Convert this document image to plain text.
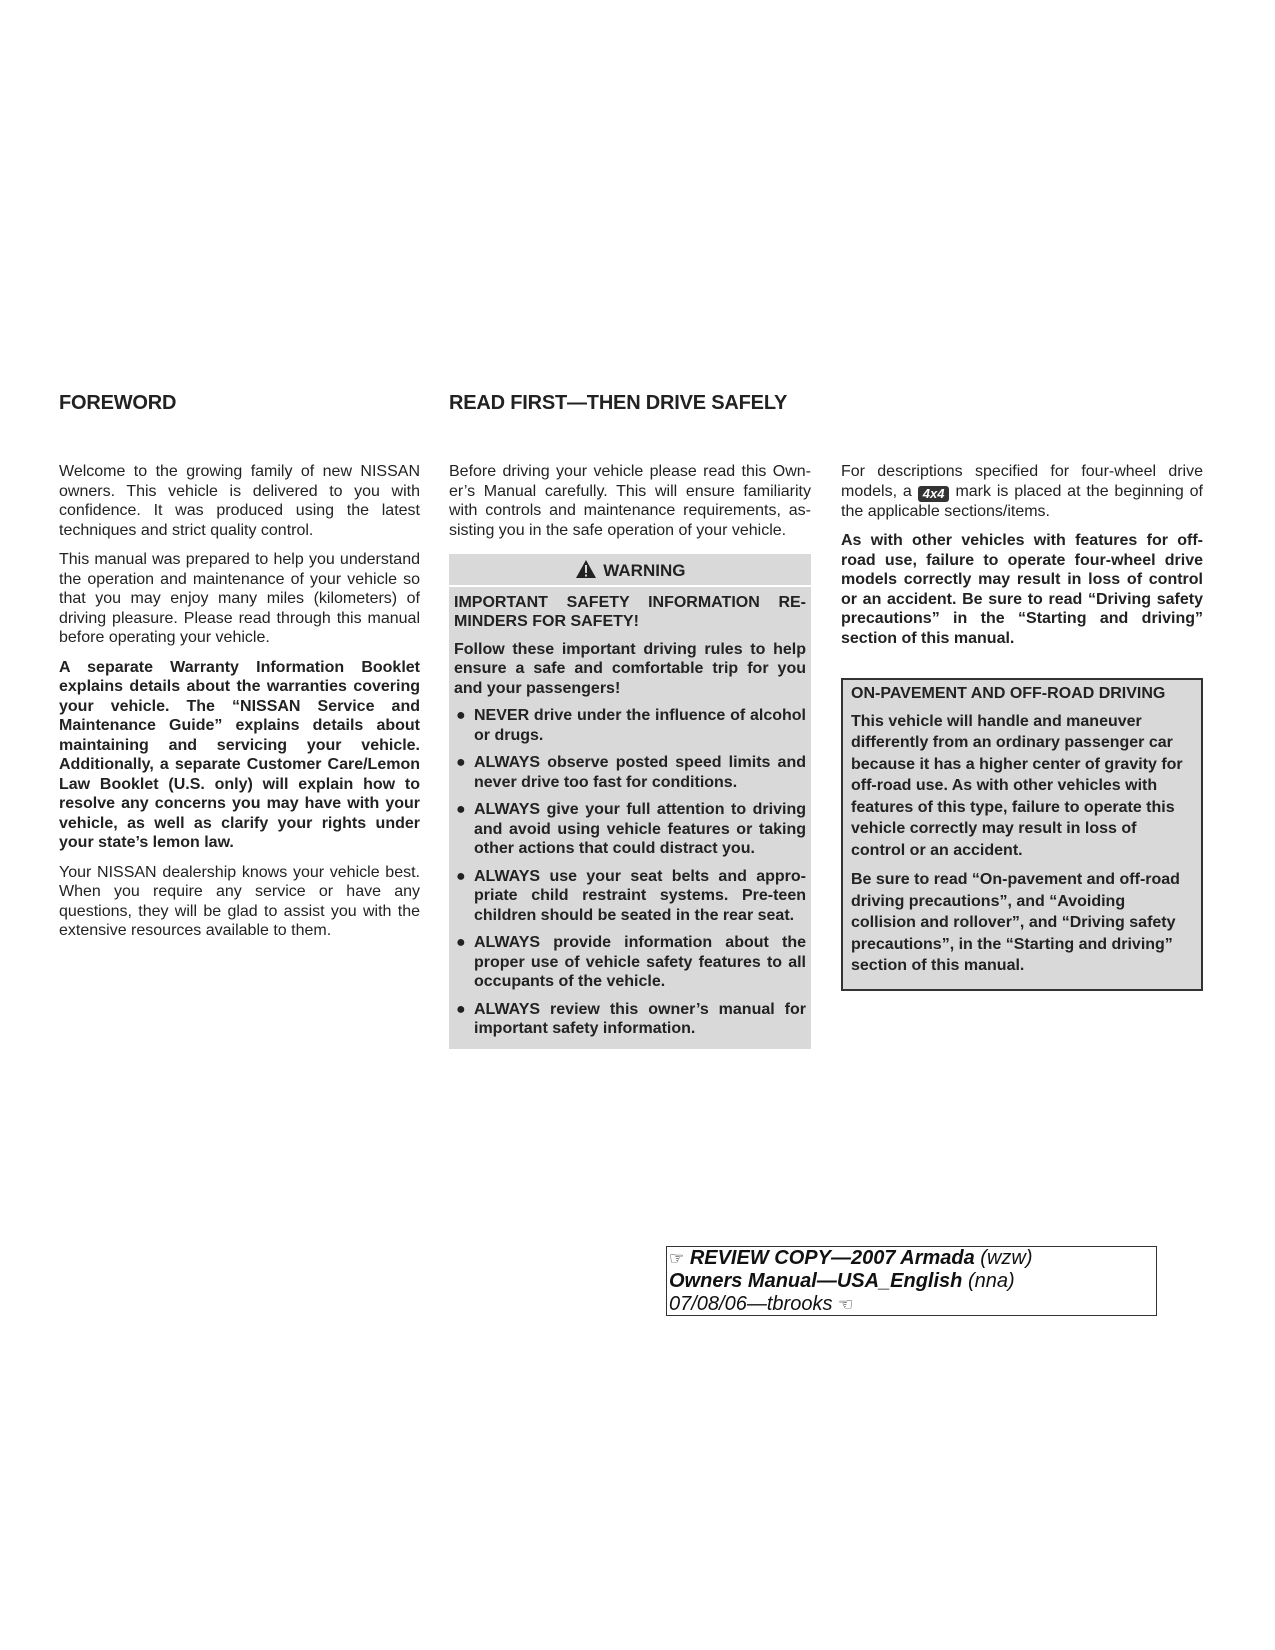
FOREWORD	READ FIRST—THEN DRIVE SAFELY

Welcome to the growing family of new NISSAN owners. This vehicle is delivered to you with confidence. It was produced using the latest techniques and strict quality control.

This manual was prepared to help you understand the operation and maintenance of your vehicle so that you may enjoy many miles (kilometers) of driving pleasure. Please read through this manual before operating your vehicle.

A separate Warranty Information Booklet explains details about the warranties covering your vehicle. The “NISSAN Service and Maintenance Guide” explains details about maintaining and servicing your vehicle. Additionally, a separate Customer Care/Lemon Law Booklet (U.S. only) will explain how to resolve any concerns you may have with your vehicle, as well as clarify your rights under your state’s lemon law.

Your NISSAN dealership knows your vehicle best. When you require any service or have any questions, they will be glad to assist you with the extensive resources available to them.

Before driving your vehicle please read this Owner’s Manual carefully. This will ensure familiarity with controls and maintenance requirements, assisting you in the safe operation of your vehicle.

WARNING

IMPORTANT SAFETY INFORMATION REMINDERS FOR SAFETY!

Follow these important driving rules to help ensure a safe and comfortable trip for you and your passengers!

● NEVER drive under the influence of alcohol or drugs.
● ALWAYS observe posted speed limits and never drive too fast for conditions.
● ALWAYS give your full attention to driving and avoid using vehicle features or taking other actions that could distract you.
● ALWAYS use your seat belts and appropriate child restraint systems. Pre-teen children should be seated in the rear seat.
● ALWAYS provide information about the proper use of vehicle safety features to all occupants of the vehicle.
● ALWAYS review this owner’s manual for important safety information.

For descriptions specified for four-wheel drive models, a 4x4 mark is placed at the beginning of the applicable sections/items.

As with other vehicles with features for off-road use, failure to operate four-wheel drive models correctly may result in loss of control or an accident. Be sure to read “Driving safety precautions” in the “Starting and driving” section of this manual.

ON-PAVEMENT AND OFF-ROAD DRIVING

This vehicle will handle and maneuver differently from an ordinary passenger car because it has a higher center of gravity for off-road use. As with other vehicles with features of this type, failure to operate this vehicle correctly may result in loss of control or an accident.

Be sure to read “On-pavement and off-road driving precautions”, and “Avoiding collision and rollover”, and “Driving safety precautions”, in the “Starting and driving” section of this manual.

☞ REVIEW COPY—2007 Armada (wzw)
Owners Manual—USA_English (nna)
07/08/06—tbrooks ☜
